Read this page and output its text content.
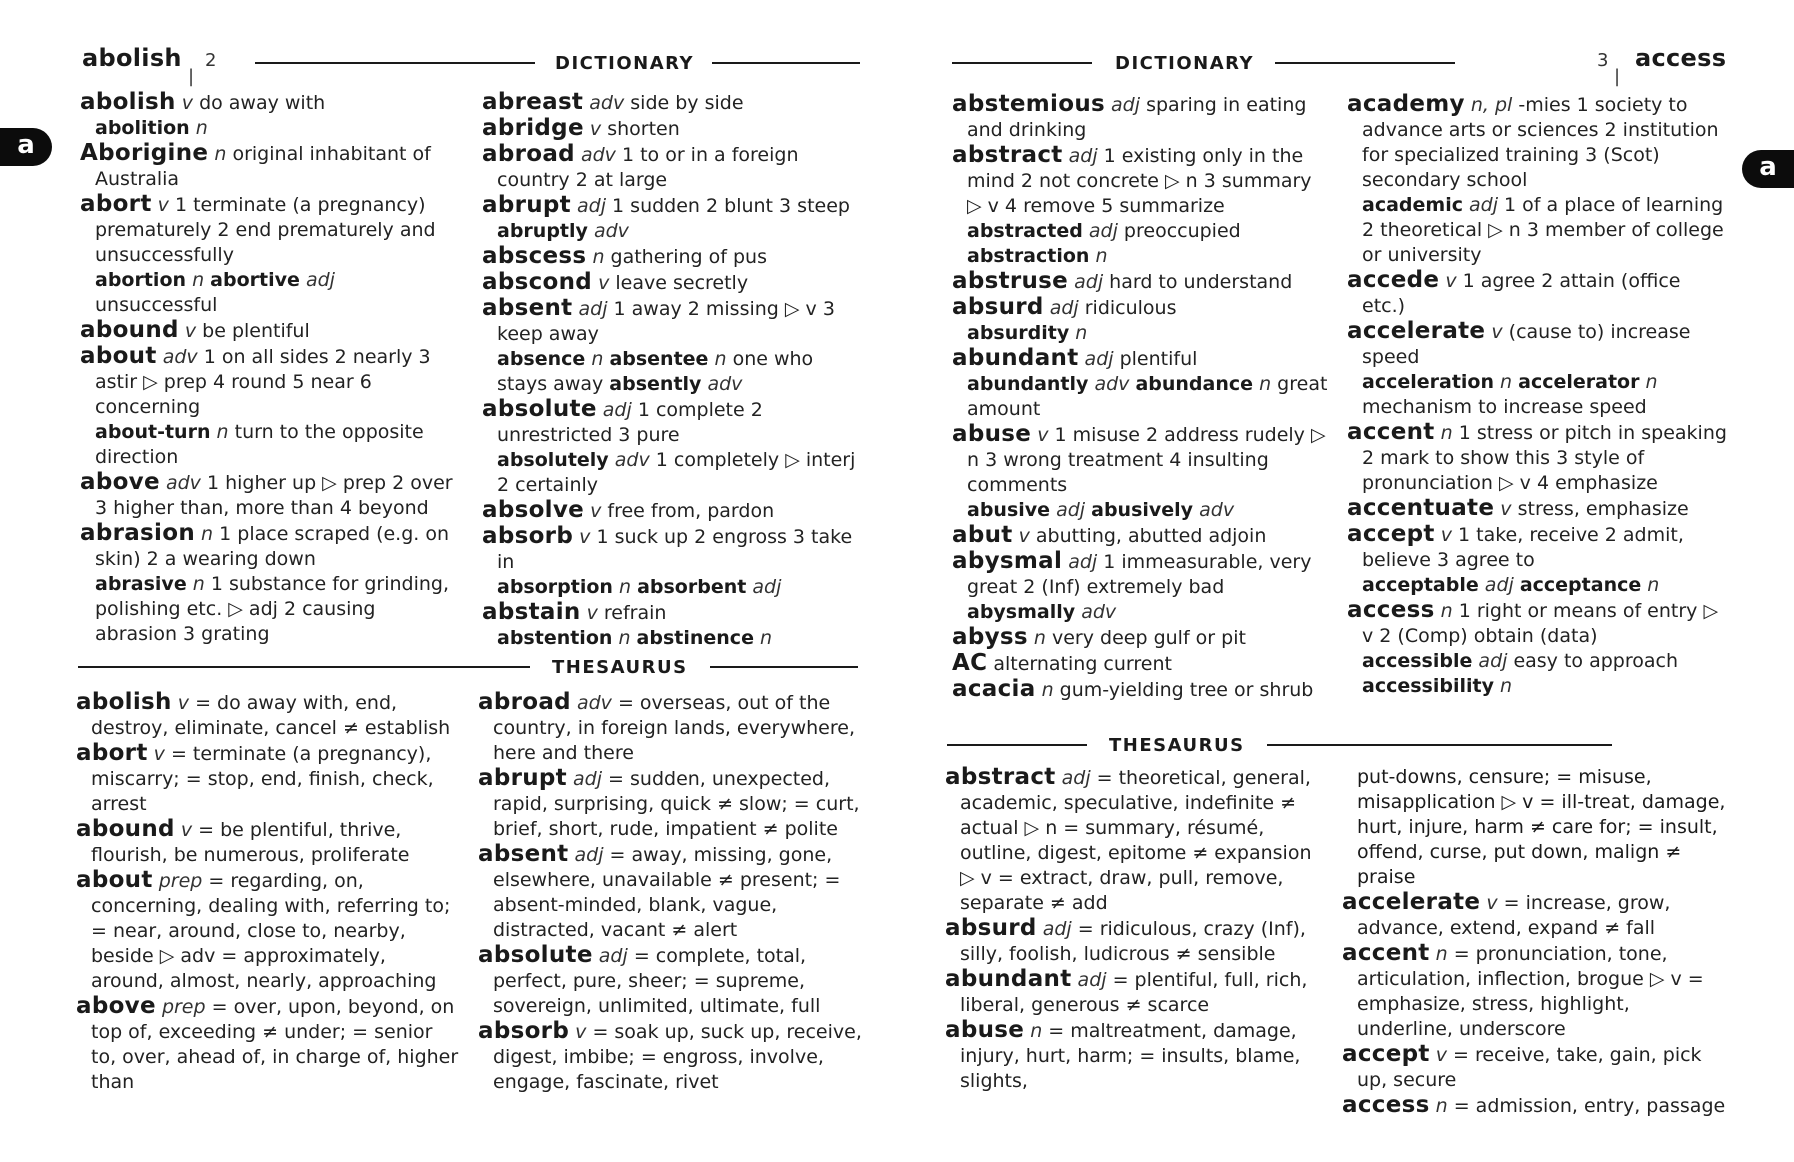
abolish
|
2	DICTIONARY
a
abolish v do away with
abolition n
Aborigine n original inhabitant of Australia
abort v 1 terminate (a pregnancy) prematurely 2 end prematurely and unsuccessfully
abortion n abortive adj unsuccessful
abound v be plentiful
about adv 1 on all sides 2 nearly 3 astir ▷ prep 4 round 5 near 6 concerning
about-turn n turn to the opposite direction
above adv 1 higher up ▷ prep 2 over 3 higher than, more than 4 beyond
abrasion n 1 place scraped (e.g. on skin) 2 a wearing down
abrasive n 1 substance for grinding, polishing etc. ▷ adj 2 causing abrasion 3 grating
abreast adv side by side
abridge v shorten
abroad adv 1 to or in a foreign country 2 at large
abrupt adj 1 sudden 2 blunt 3 steep
abruptly adv
abscess n gathering of pus
abscond v leave secretly
absent adj 1 away 2 missing ▷ v 3 keep away
absence n absentee n one who stays away absently adv
absolute adj 1 complete 2 unrestricted 3 pure
absolutely adv 1 completely ▷ interj 2 certainly
absolve v free from, pardon
absorb v 1 suck up 2 engross 3 take in
absorption n absorbent adj
abstain v refrain
abstention n abstinence n
THESAURUS
abolish v = do away with, end, destroy, eliminate, cancel ≠ establish
abort v = terminate (a pregnancy), miscarry; = stop, end, finish, check, arrest
abound v = be plentiful, thrive, flourish, be numerous, proliferate
about prep = regarding, on, concerning, dealing with, referring to; = near, around, close to, nearby, beside ▷ adv = approximately, around, almost, nearly, approaching
above prep = over, upon, beyond, on top of, exceeding ≠ under; = senior to, over, ahead of, in charge of, higher than
abroad adv = overseas, out of the country, in foreign lands, everywhere, here and there
abrupt adj = sudden, unexpected, rapid, surprising, quick ≠ slow; = curt, brief, short, rude, impatient ≠ polite
absent adj = away, missing, gone, elsewhere, unavailable ≠ present; = absent-minded, blank, vague, distracted, vacant ≠ alert
absolute adj = complete, total, perfect, pure, sheer; = supreme, sovereign, unlimited, ultimate, full
absorb v = soak up, suck up, receive, digest, imbibe; = engross, involve, engage, fascinate, rivet
DICTIONARY	3
|
access
a
abstemious adj sparing in eating and drinking
abstract adj 1 existing only in the mind 2 not concrete ▷ n 3 summary ▷ v 4 remove 5 summarize
abstracted adj preoccupied abstraction n
abstruse adj hard to understand
absurd adj ridiculous
absurdity n
abundant adj plentiful
abundantly adv abundance n great amount
abuse v 1 misuse 2 address rudely ▷ n 3 wrong treatment 4 insulting comments
abusive adj abusively adv
abut v abutting, abutted adjoin
abysmal adj 1 immeasurable, very great 2 (Inf) extremely bad
abysmally adv
abyss n very deep gulf or pit
AC alternating current
acacia n gum-yielding tree or shrub
academy n, pl -mies 1 society to advance arts or sciences 2 institution for specialized training 3 (Scot) secondary school
academic adj 1 of a place of learning 2 theoretical ▷ n 3 member of college or university
accede v 1 agree 2 attain (office etc.)
accelerate v (cause to) increase speed
acceleration n accelerator n mechanism to increase speed
accent n 1 stress or pitch in speaking 2 mark to show this 3 style of pronunciation ▷ v 4 emphasize
accentuate v stress, emphasize
accept v 1 take, receive 2 admit, believe 3 agree to
acceptable adj acceptance n
access n 1 right or means of entry ▷ v 2 (Comp) obtain (data)
accessible adj easy to approach accessibility n
THESAURUS
abstract adj = theoretical, general, academic, speculative, indefinite ≠ actual ▷ n = summary, résumé, outline, digest, epitome ≠ expansion ▷ v = extract, draw, pull, remove, separate ≠ add
absurd adj = ridiculous, crazy (Inf), silly, foolish, ludicrous ≠ sensible
abundant adj = plentiful, full, rich, liberal, generous ≠ scarce
abuse n = maltreatment, damage, injury, hurt, harm; = insults, blame, slights,
put-downs, censure; = misuse, misapplication ▷ v = ill-treat, damage, hurt, injure, harm ≠ care for; = insult, offend, curse, put down, malign ≠ praise
accelerate v = increase, grow, advance, extend, expand ≠ fall
accent n = pronunciation, tone, articulation, inflection, brogue ▷ v = emphasize, stress, highlight, underline, underscore
accept v = receive, take, gain, pick up, secure
access n = admission, entry, passage
